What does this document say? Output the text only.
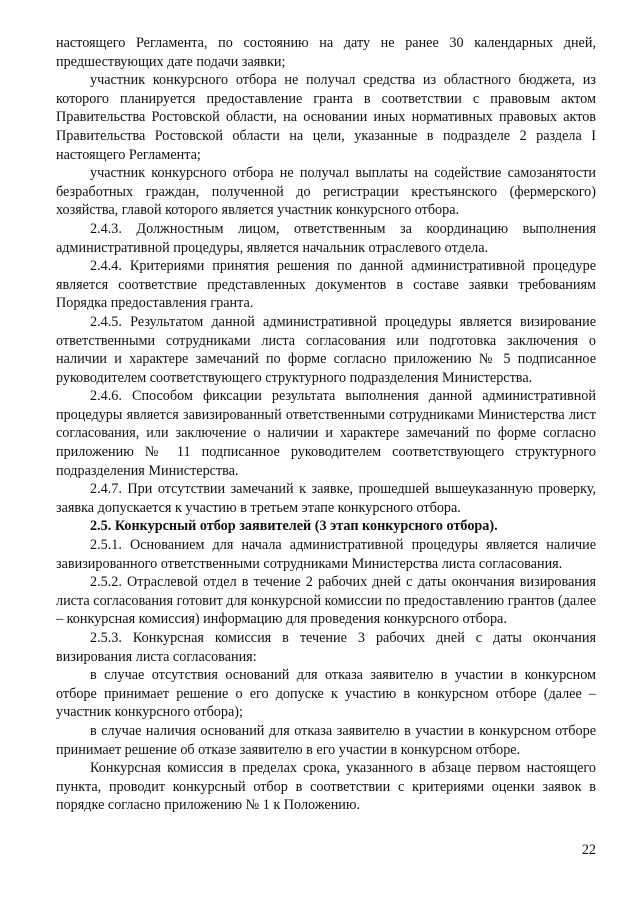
настоящего Регламента, по состоянию на дату не ранее 30 календарных дней, предшествующих дате подачи заявки;

участник конкурсного отбора не получал средства из областного бюджета, из которого планируется предоставление гранта в соответствии с правовым актом Правительства Ростовской области, на основании иных нормативных правовых актов Правительства Ростовской области на цели, указанные в подразделе 2 раздела I настоящего Регламента;

участник конкурсного отбора не получал выплаты на содействие самозанятости безработных граждан, полученной до регистрации крестьянского (фермерского) хозяйства, главой которого является участник конкурсного отбора.

2.4.3. Должностным лицом, ответственным за координацию выполнения административной процедуры, является начальник отраслевого отдела.

2.4.4. Критериями принятия решения по данной административной процедуре является соответствие представленных документов в составе заявки требованиям Порядка предоставления гранта.

2.4.5. Результатом данной административной процедуры является визирование ответственными сотрудниками листа согласования или подготовка заключения о наличии и характере замечаний по форме согласно приложению № 5 подписанное руководителем соответствующего структурного подразделения Министерства.

2.4.6. Способом фиксации результата выполнения данной административной процедуры является завизированный ответственными сотрудниками Министерства лист согласования, или заключение о наличии и характере замечаний по форме согласно приложению № 11 подписанное руководителем соответствующего структурного подразделения Министерства.

2.4.7. При отсутствии замечаний к заявке, прошедшей вышеуказанную проверку, заявка допускается к участию в третьем этапе конкурсного отбора.

2.5. Конкурсный отбор заявителей (3 этап конкурсного отбора).

2.5.1. Основанием для начала административной процедуры является наличие завизированного ответственными сотрудниками Министерства листа согласования.

2.5.2. Отраслевой отдел в течение 2 рабочих дней с даты окончания визирования листа согласования готовит для конкурсной комиссии по предоставлению грантов (далее – конкурсная комиссия) информацию для проведения конкурсного отбора.

2.5.3. Конкурсная комиссия в течение 3 рабочих дней с даты окончания визирования листа согласования:

в случае отсутствия оснований для отказа заявителю в участии в конкурсном отборе принимает решение о его допуске к участию в конкурсном отборе (далее – участник конкурсного отбора);

в случае наличия оснований для отказа заявителю в участии в конкурсном отборе принимает решение об отказе заявителю в его участии в конкурсном отборе.

Конкурсная комиссия в пределах срока, указанного в абзаце первом настоящего пункта, проводит конкурсный отбор в соответствии с критериями оценки заявок в порядке согласно приложению № 1 к Положению.

22
